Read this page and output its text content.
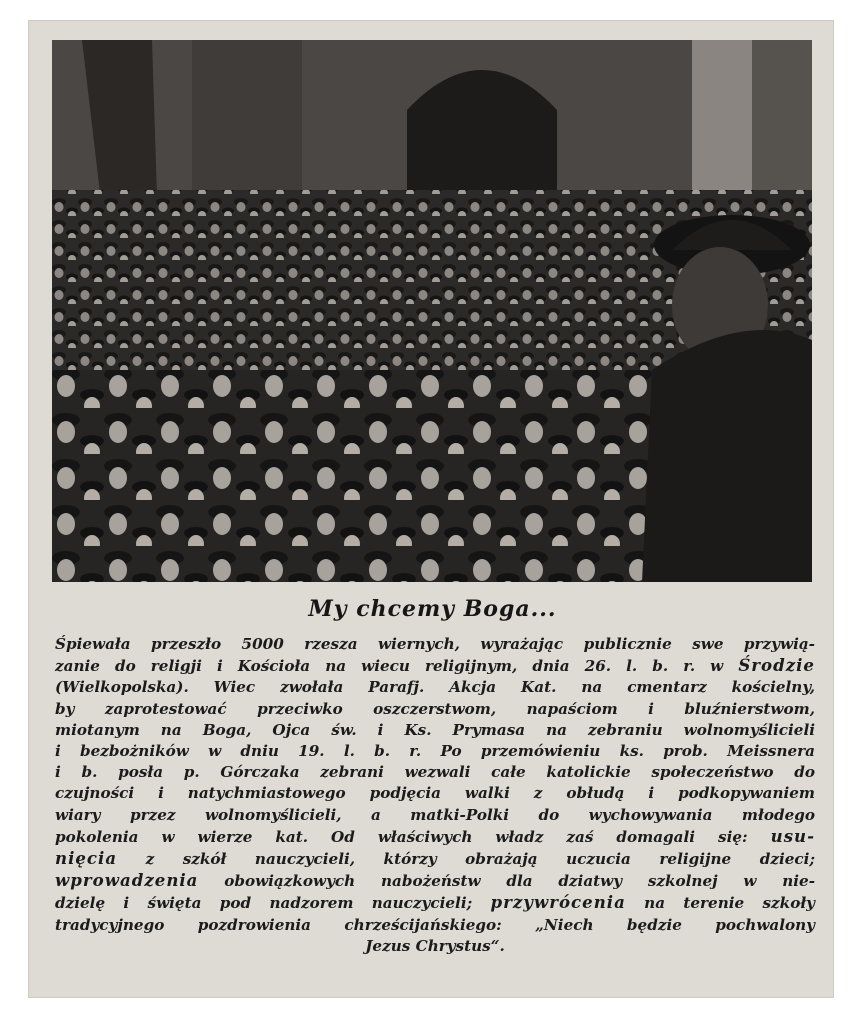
My chcemy Boga...
Śpiewała przeszło 5000 rzesza wiernych, wyrażając publicznie swe przywią-
zanie do religji i Kościoła na wiecu religijnym, dnia 26. l. b. r. w Środzie
(Wielkopolska). Wiec zwołała Parafj. Akcja Kat. na cmentarz kościelny,
by zaprotestować przeciwko oszczerstwom, napaściom i bluźnierstwom,
miotanym na Boga, Ojca św. i Ks. Prymasa na zebraniu wolnomyślicieli
i bezbożników w dniu 19. l. b. r. Po przemówieniu ks. prob. Meissnera
i b. posła p. Górczaka zebrani wezwali całe katolickie społeczeństwo do
czujności i natychmiastowego podjęcia walki z obłudą i podkopywaniem
wiary przez wolnomyślicieli, a matki-Polki do wychowywania młodego
pokolenia w wierze kat. Od właściwych władz zaś domagali się: usu-
nięcia z szkół nauczycieli, którzy obrażają uczucia religijne dzieci;
wprowadzenia obowiązkowych nabożeństw dla dziatwy szkolnej w nie-
dzielę i święta pod nadzorem nauczycieli; przywrócenia na terenie szkoły
tradycyjnego pozdrowienia chrześcijańskiego: „Niech będzie pochwalony
Jezus Chrystus“.
